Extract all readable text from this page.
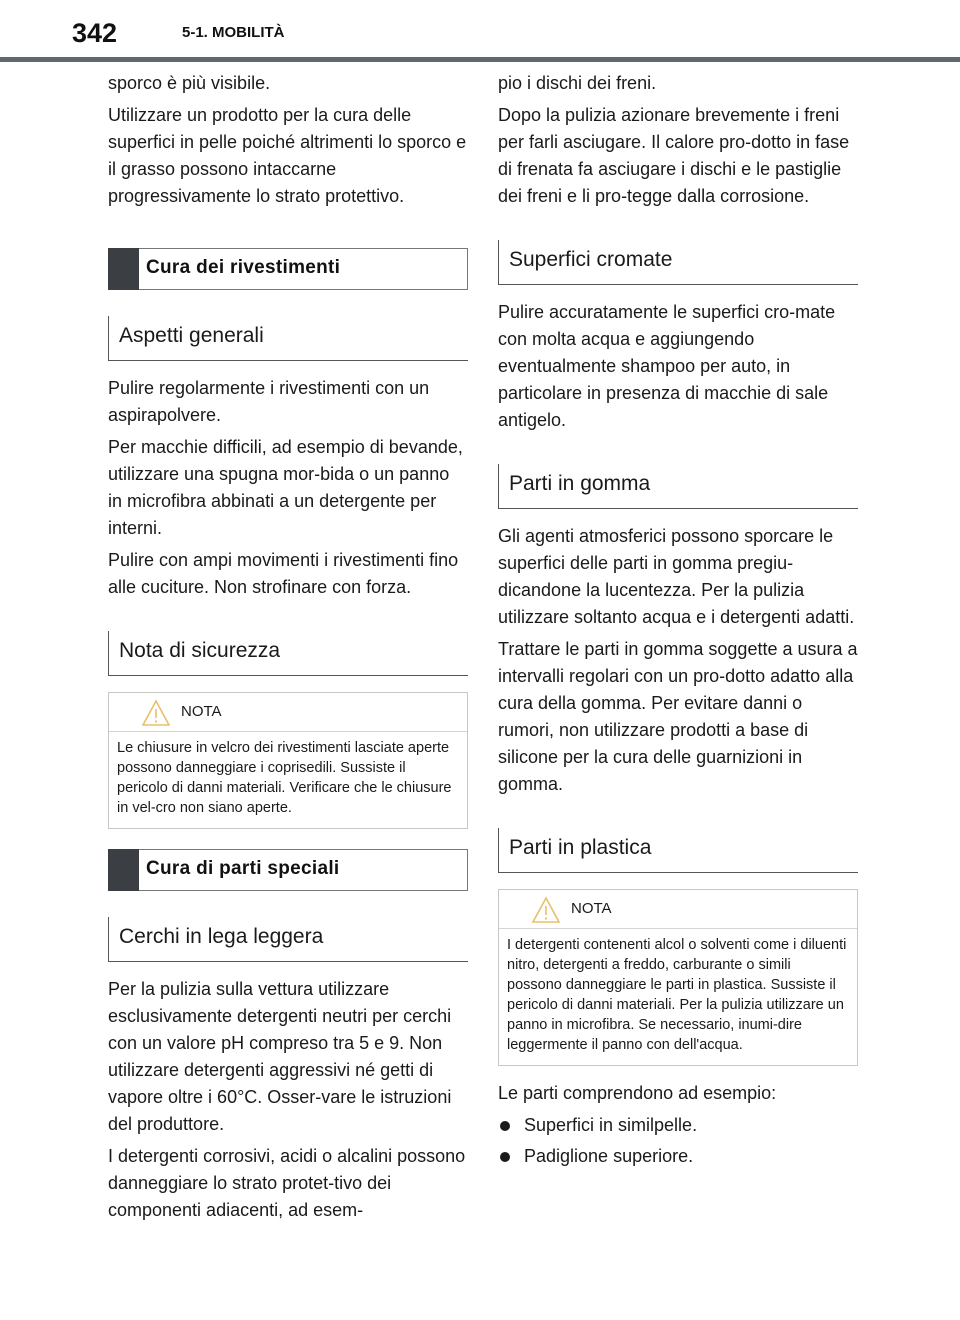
342	5-1. MOBILITÀ

sporco è più visibile.

Utilizzare un prodotto per la cura delle superfici in pelle poiché altrimenti lo sporco e il grasso possono intaccarne progressivamente lo strato protettivo.

Cura dei rivestimenti
Aspetti generali

Pulire regolarmente i rivestimenti con un aspirapolvere.

Per macchie difficili, ad esempio di bevande, utilizzare una spugna mor-bida o un panno in microfibra abbinati a un detergente per interni.

Pulire con ampi movimenti i rivestimenti fino alle cuciture. Non strofinare con forza.

Nota di sicurezza
NOTA
Le chiusure in velcro dei rivestimenti lasciate aperte possono danneggiare i coprisedili. Sussiste il pericolo di danni materiali. Verificare che le chiusure in vel-cro non siano aperte.
Cura di parti speciali
Cerchi in lega leggera

Per la pulizia sulla vettura utilizzare esclusivamente detergenti neutri per cerchi con un valore pH compreso tra 5 e 9. Non utilizzare detergenti aggressivi né getti di vapore oltre i 60°C. Osser-vare le istruzioni del produttore.

I detergenti corrosivi, acidi o alcalini possono danneggiare lo strato protet-tivo dei componenti adiacenti, ad esem-

pio i dischi dei freni.

Dopo la pulizia azionare brevemente i freni per farli asciugare. Il calore pro-dotto in fase di frenata fa asciugare i dischi e le pastiglie dei freni e li pro-tegge dalla corrosione.

Superfici cromate

Pulire accuratamente le superfici cro-mate con molta acqua e aggiungendo eventualmente shampoo per auto, in particolare in presenza di macchie di sale antigelo.

Parti in gomma

Gli agenti atmosferici possono sporcare le superfici delle parti in gomma pregiu-dicandone la lucentezza. Per la pulizia utilizzare soltanto acqua e i detergenti adatti.

Trattare le parti in gomma soggette a usura a intervalli regolari con un pro-dotto adatto alla cura della gomma. Per evitare danni o rumori, non utilizzare prodotti a base di silicone per la cura delle guarnizioni in gomma.

Parti in plastica
NOTA
I detergenti contenenti alcol o solventi come i diluenti nitro, detergenti a freddo, carburante o simili possono danneggiare le parti in plastica. Sussiste il pericolo di danni materiali. Per la pulizia utilizzare un panno in microfibra. Se necessario, inumi-dire leggermente il panno con dell'acqua.

Le parti comprendono ad esempio:

Superfici in similpelle.
Padiglione superiore.
